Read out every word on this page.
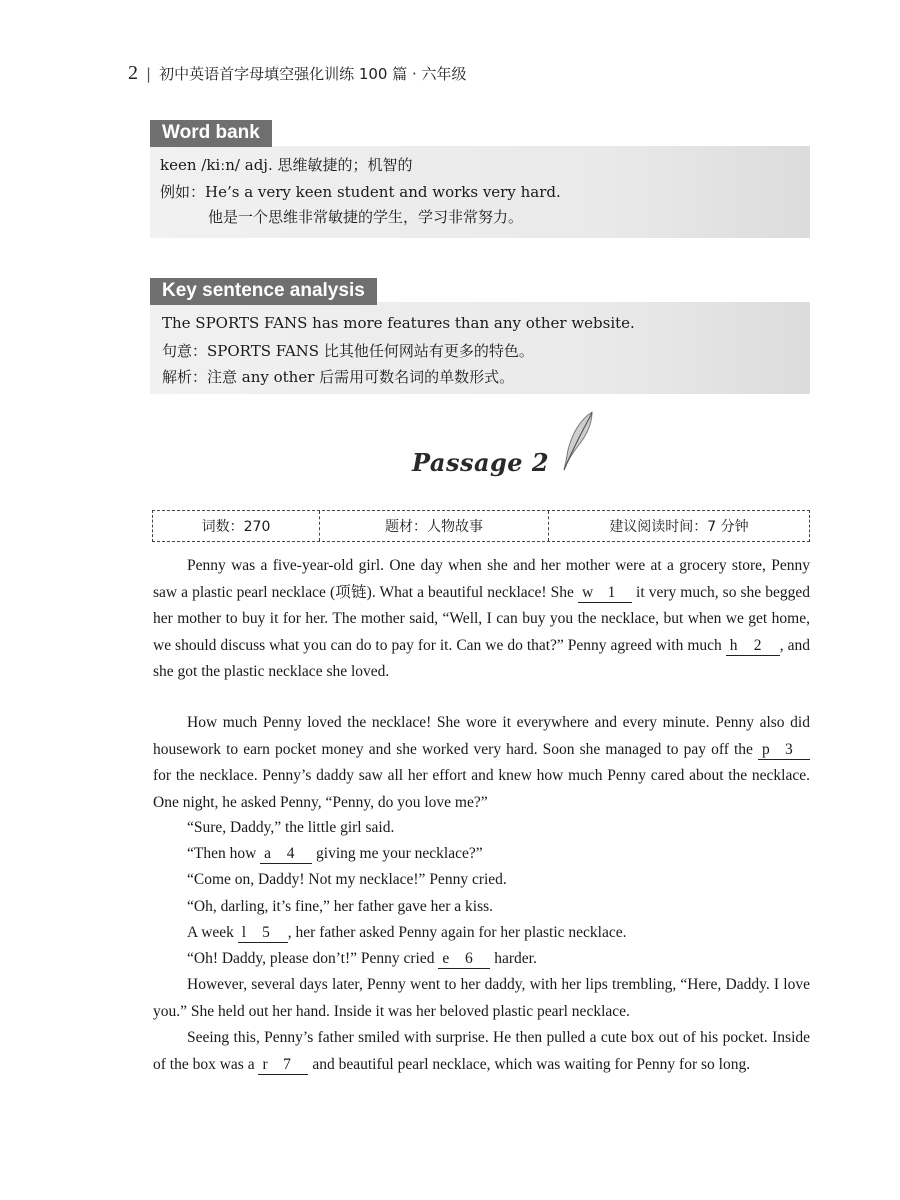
2 | 初中英语首字母填空强化训练 100 篇 · 六年级
keen /kiːn/ adj. 思维敏捷的；机智的
例如：He’s a very keen student and works very hard.
他是一个思维非常敏捷的学生，学习非常努力。
Word bank
The SPORTS FANS has more features than any other website.
句意：SPORTS FANS 比其他任何网站有更多的特色。
解析：注意 any other 后需用可数名词的单数形式。
Key sentence analysis
Passage 2
词数：270	题材：人物故事	建议阅读时间：7 分钟
Penny was a five-year-old girl. One day when she and her mother were at a grocery store, Penny saw a plastic pearl necklace (项链). What a beautiful necklace! She w 1 it very much, so she begged her mother to buy it for her. The mother said, “Well, I can buy you the necklace, but when we get home, we should discuss what you can do to pay for it. Can we do that?” Penny agreed with much h 2 , and she got the plastic necklace she loved.
How much Penny loved the necklace! She wore it everywhere and every minute. Penny also did housework to earn pocket money and she worked very hard. Soon she managed to pay off the p 3 for the necklace. Penny’s daddy saw all her effort and knew how much Penny cared about the necklace. One night, he asked Penny, “Penny, do you love me?”
“Sure, Daddy,” the little girl said.
“Then how a 4 giving me your necklace?”
“Come on, Daddy! Not my necklace!” Penny cried.
“Oh, darling, it’s fine,” her father gave her a kiss.
A week l 5 , her father asked Penny again for her plastic necklace.
“Oh! Daddy, please don’t!” Penny cried e 6 harder.
However, several days later, Penny went to her daddy, with her lips trembling, “Here, Daddy. I love you.” She held out her hand. Inside it was her beloved plastic pearl necklace.
Seeing this, Penny’s father smiled with surprise. He then pulled a cute box out of his pocket. Inside of the box was a r 7 and beautiful pearl necklace, which was waiting for Penny for so long.
